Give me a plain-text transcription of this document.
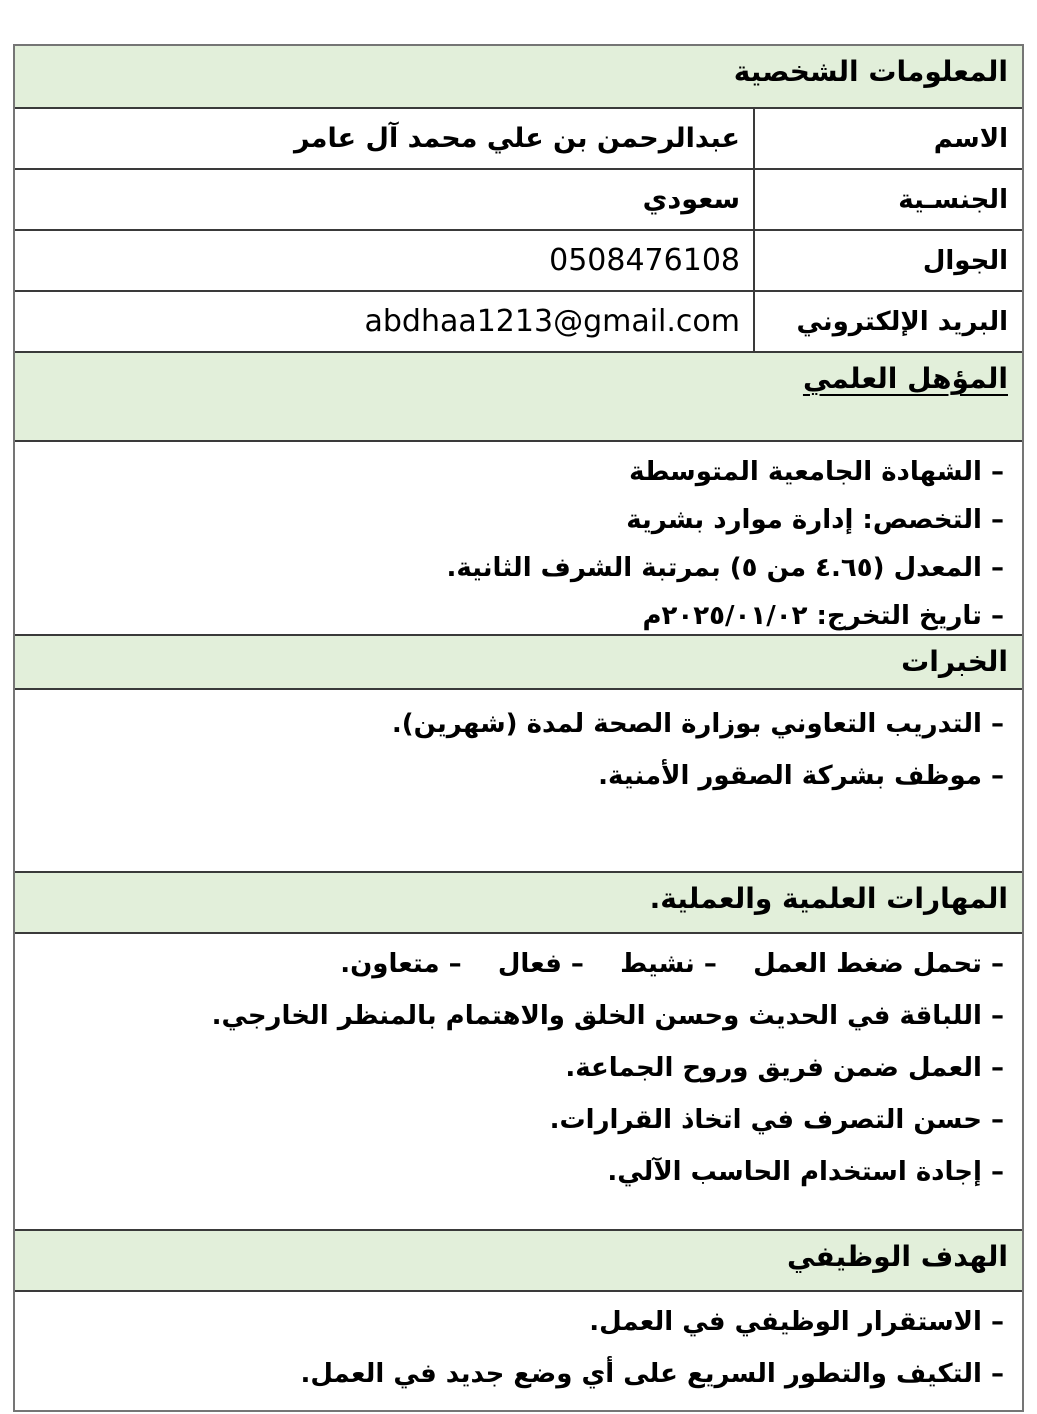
المعلومات الشخصية
الاسم
عبدالرحمن بن علي محمد آل عامر
الجنسـية
سعودي
الجوال
0508476108
البريد الإلكتروني
abdhaa1213@gmail.com
المؤهل العلمي
– الشهادة الجامعية المتوسطة
– التخصص: إدارة موارد بشرية
– المعدل (٤.٦٥ من ٥) بمرتبة الشرف الثانية.
– تاريخ التخرج: ٢٠٢٥/٠١/٠٢م
الخبرات
– التدريب التعاوني بوزارة الصحة لمدة (شهرين).
– موظف بشركة الصقور الأمنية.
المهارات العلمية والعملية.
– تحمل ضغط العمل    – نشيط    – فعال    – متعاون.
– اللباقة في الحديث وحسن الخلق والاهتمام بالمنظر الخارجي.
– العمل ضمن فريق وروح الجماعة.
– حسن التصرف في اتخاذ القرارات.
– إجادة استخدام الحاسب الآلي.
الهدف الوظيفي
– الاستقرار الوظيفي في العمل.
– التكيف والتطور السريع على أي وضع جديد في العمل.
